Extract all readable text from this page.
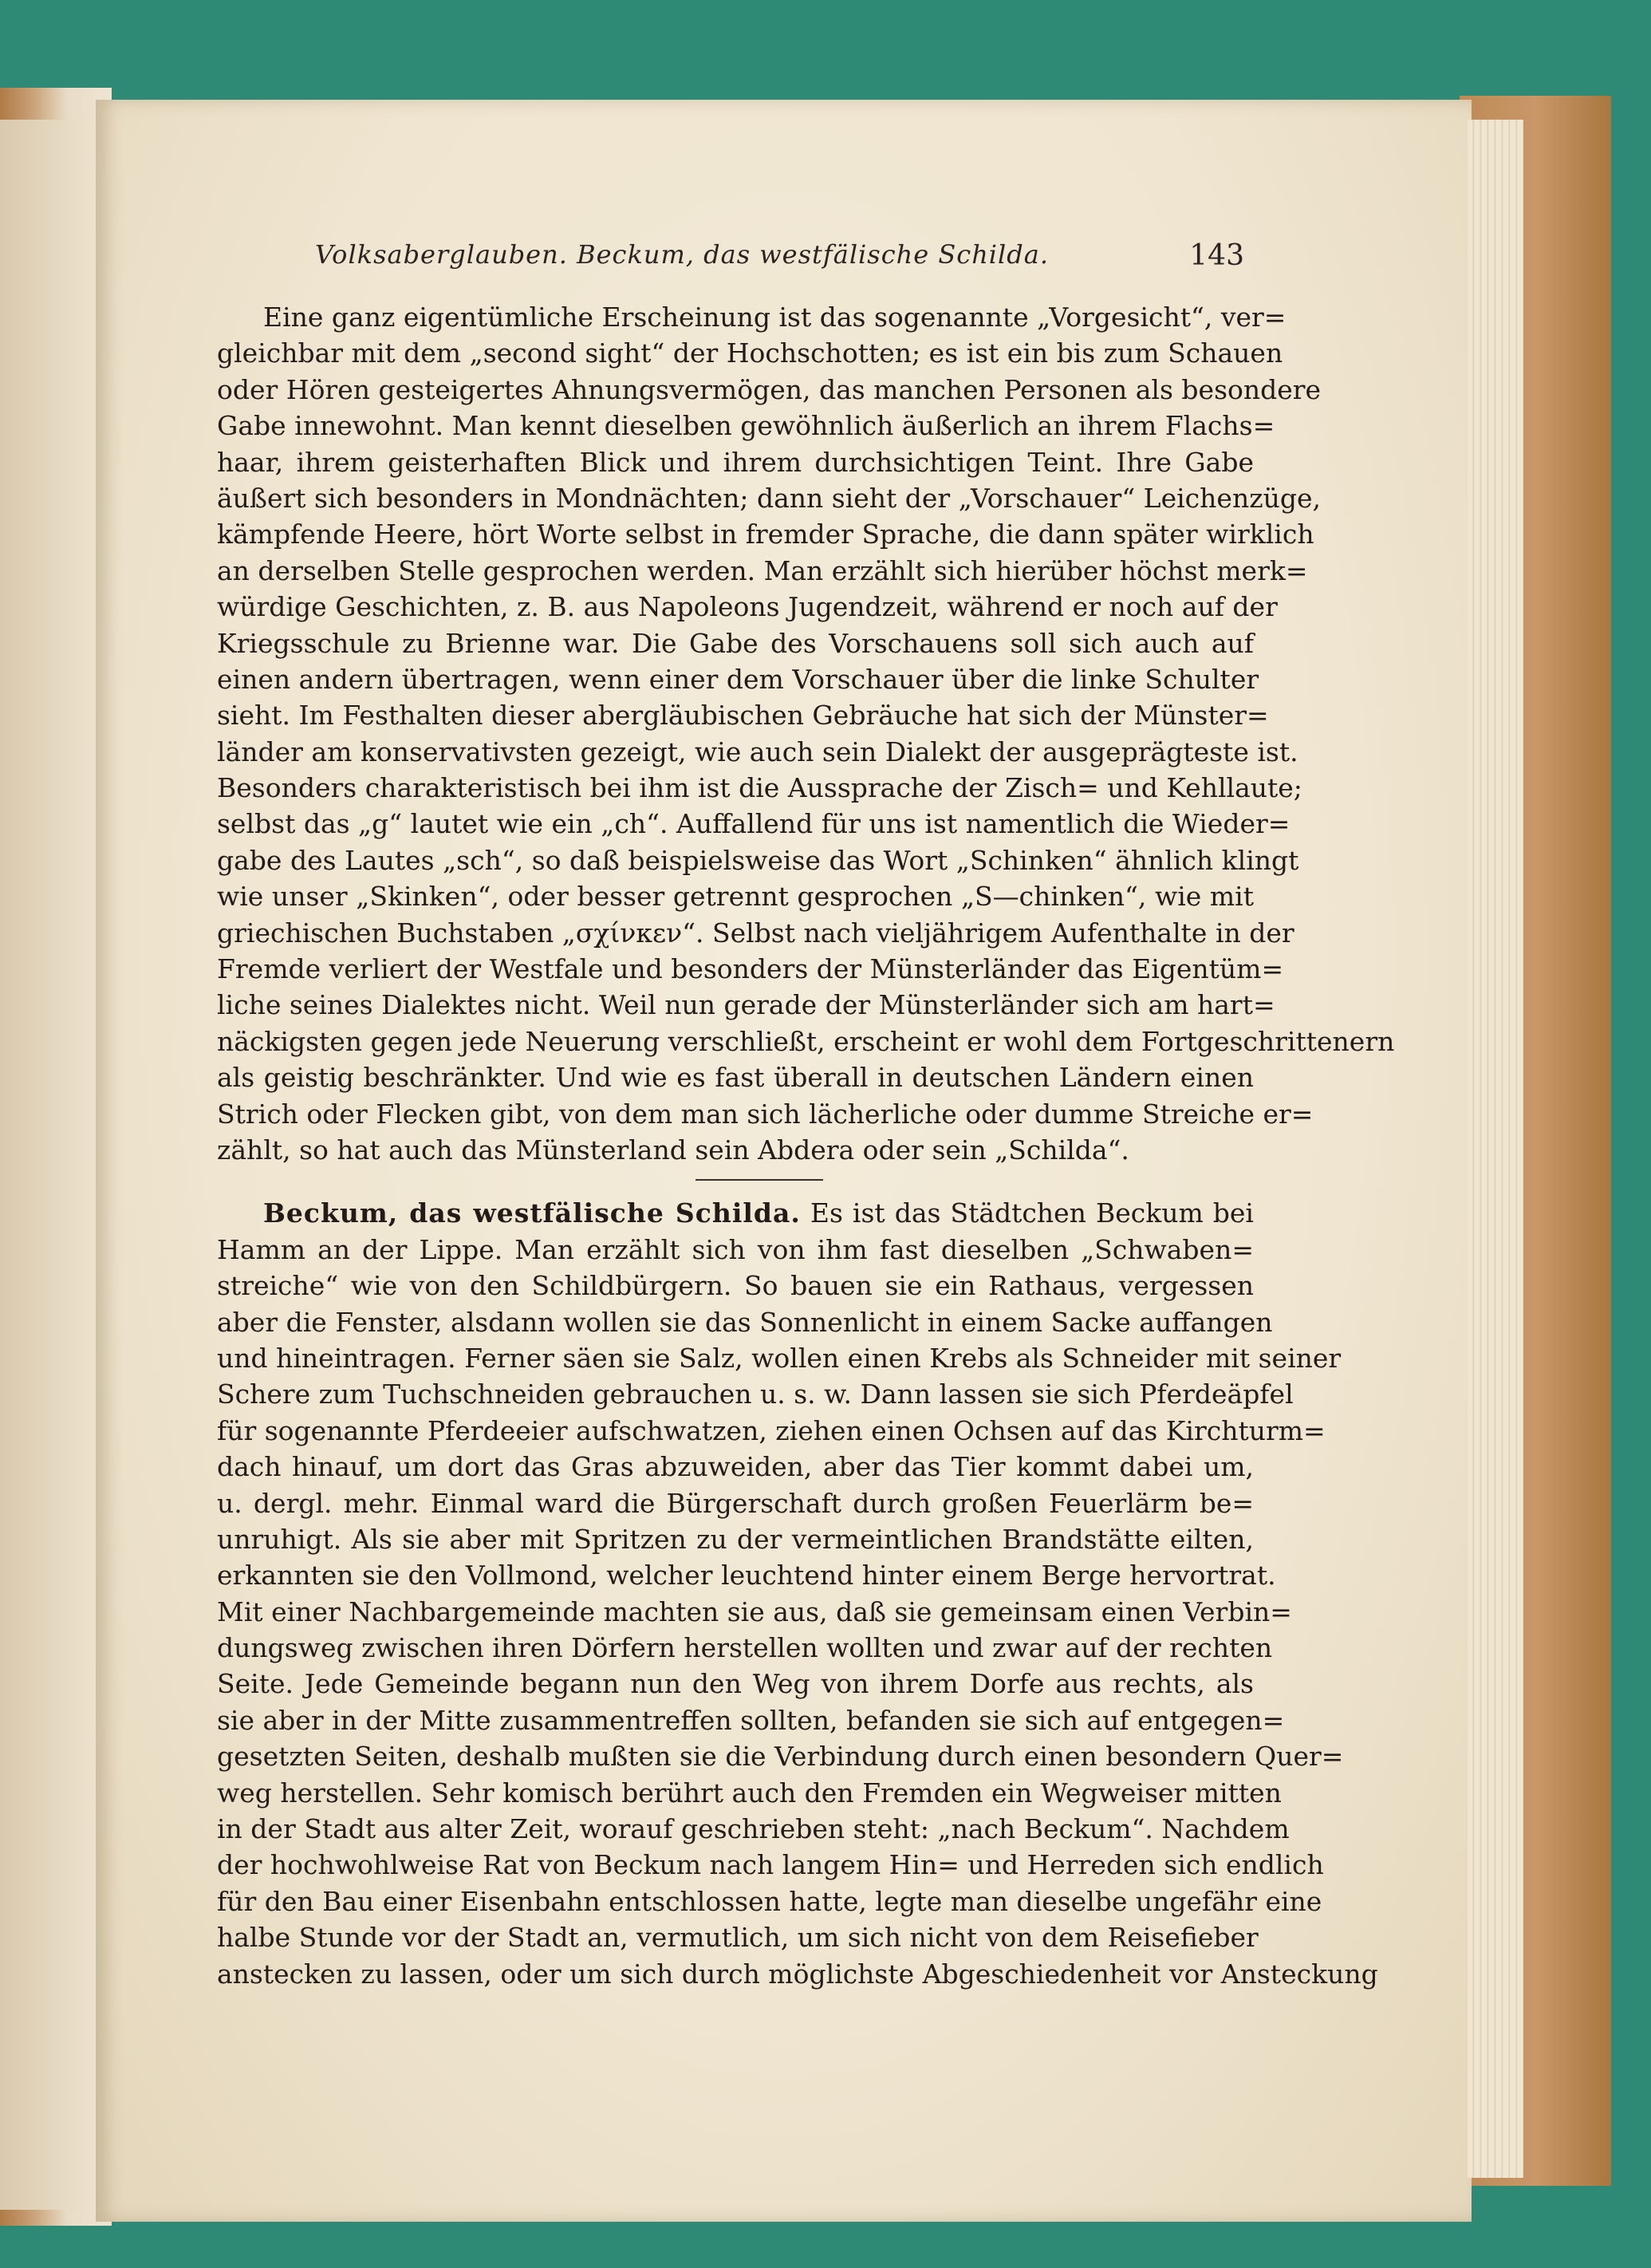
Volksaberglauben. Beckum, das westfälische Schilda.	143
Eine ganz eigentümliche Erscheinung ist das sogenannte „Vorgesicht“, ver=
gleichbar mit dem „second sight“ der Hochschotten; es ist ein bis zum Schauen
oder Hören gesteigertes Ahnungsvermögen, das manchen Personen als besondere
Gabe innewohnt. Man kennt dieselben gewöhnlich äußerlich an ihrem Flachs=
haar, ihrem geisterhaften Blick und ihrem durchsichtigen Teint. Ihre Gabe
äußert sich besonders in Mondnächten; dann sieht der „Vorschauer“ Leichenzüge,
kämpfende Heere, hört Worte selbst in fremder Sprache, die dann später wirklich
an derselben Stelle gesprochen werden. Man erzählt sich hierüber höchst merk=
würdige Geschichten, z. B. aus Napoleons Jugendzeit, während er noch auf der
Kriegsschule zu Brienne war. Die Gabe des Vorschauens soll sich auch auf
einen andern übertragen, wenn einer dem Vorschauer über die linke Schulter
sieht. Im Festhalten dieser abergläubischen Gebräuche hat sich der Münster=
länder am konservativsten gezeigt, wie auch sein Dialekt der ausgeprägteste ist.
Besonders charakteristisch bei ihm ist die Aussprache der Zisch= und Kehllaute;
selbst das „g“ lautet wie ein „ch“. Auffallend für uns ist namentlich die Wieder=
gabe des Lautes „sch“, so daß beispielsweise das Wort „Schinken“ ähnlich klingt
wie unser „Skinken“, oder besser getrennt gesprochen „S—chinken“, wie mit
griechischen Buchstaben „σχίνκεν“. Selbst nach vieljährigem Aufenthalte in der
Fremde verliert der Westfale und besonders der Münsterländer das Eigentüm=
liche seines Dialektes nicht. Weil nun gerade der Münsterländer sich am hart=
näckigsten gegen jede Neuerung verschließt, erscheint er wohl dem Fortgeschrittenern
als geistig beschränkter. Und wie es fast überall in deutschen Ländern einen
Strich oder Flecken gibt, von dem man sich lächerliche oder dumme Streiche er=
zählt, so hat auch das Münsterland sein Abdera oder sein „Schilda“.
Beckum, das westfälische Schilda. Es ist das Städtchen Beckum bei
Hamm an der Lippe. Man erzählt sich von ihm fast dieselben „Schwaben=
streiche“ wie von den Schildbürgern. So bauen sie ein Rathaus, vergessen
aber die Fenster, alsdann wollen sie das Sonnenlicht in einem Sacke auffangen
und hineintragen. Ferner säen sie Salz, wollen einen Krebs als Schneider mit seiner
Schere zum Tuchschneiden gebrauchen u. s. w. Dann lassen sie sich Pferdeäpfel
für sogenannte Pferdeeier aufschwatzen, ziehen einen Ochsen auf das Kirchturm=
dach hinauf, um dort das Gras abzuweiden, aber das Tier kommt dabei um,
u. dergl. mehr. Einmal ward die Bürgerschaft durch großen Feuerlärm be=
unruhigt. Als sie aber mit Spritzen zu der vermeintlichen Brandstätte eilten,
erkannten sie den Vollmond, welcher leuchtend hinter einem Berge hervortrat.
Mit einer Nachbargemeinde machten sie aus, daß sie gemeinsam einen Verbin=
dungsweg zwischen ihren Dörfern herstellen wollten und zwar auf der rechten
Seite. Jede Gemeinde begann nun den Weg von ihrem Dorfe aus rechts, als
sie aber in der Mitte zusammentreffen sollten, befanden sie sich auf entgegen=
gesetzten Seiten, deshalb mußten sie die Verbindung durch einen besondern Quer=
weg herstellen. Sehr komisch berührt auch den Fremden ein Wegweiser mitten
in der Stadt aus alter Zeit, worauf geschrieben steht: „nach Beckum“. Nachdem
der hochwohlweise Rat von Beckum nach langem Hin= und Herreden sich endlich
für den Bau einer Eisenbahn entschlossen hatte, legte man dieselbe ungefähr eine
halbe Stunde vor der Stadt an, vermutlich, um sich nicht von dem Reisefieber
anstecken zu lassen, oder um sich durch möglichste Abgeschiedenheit vor Ansteckung
